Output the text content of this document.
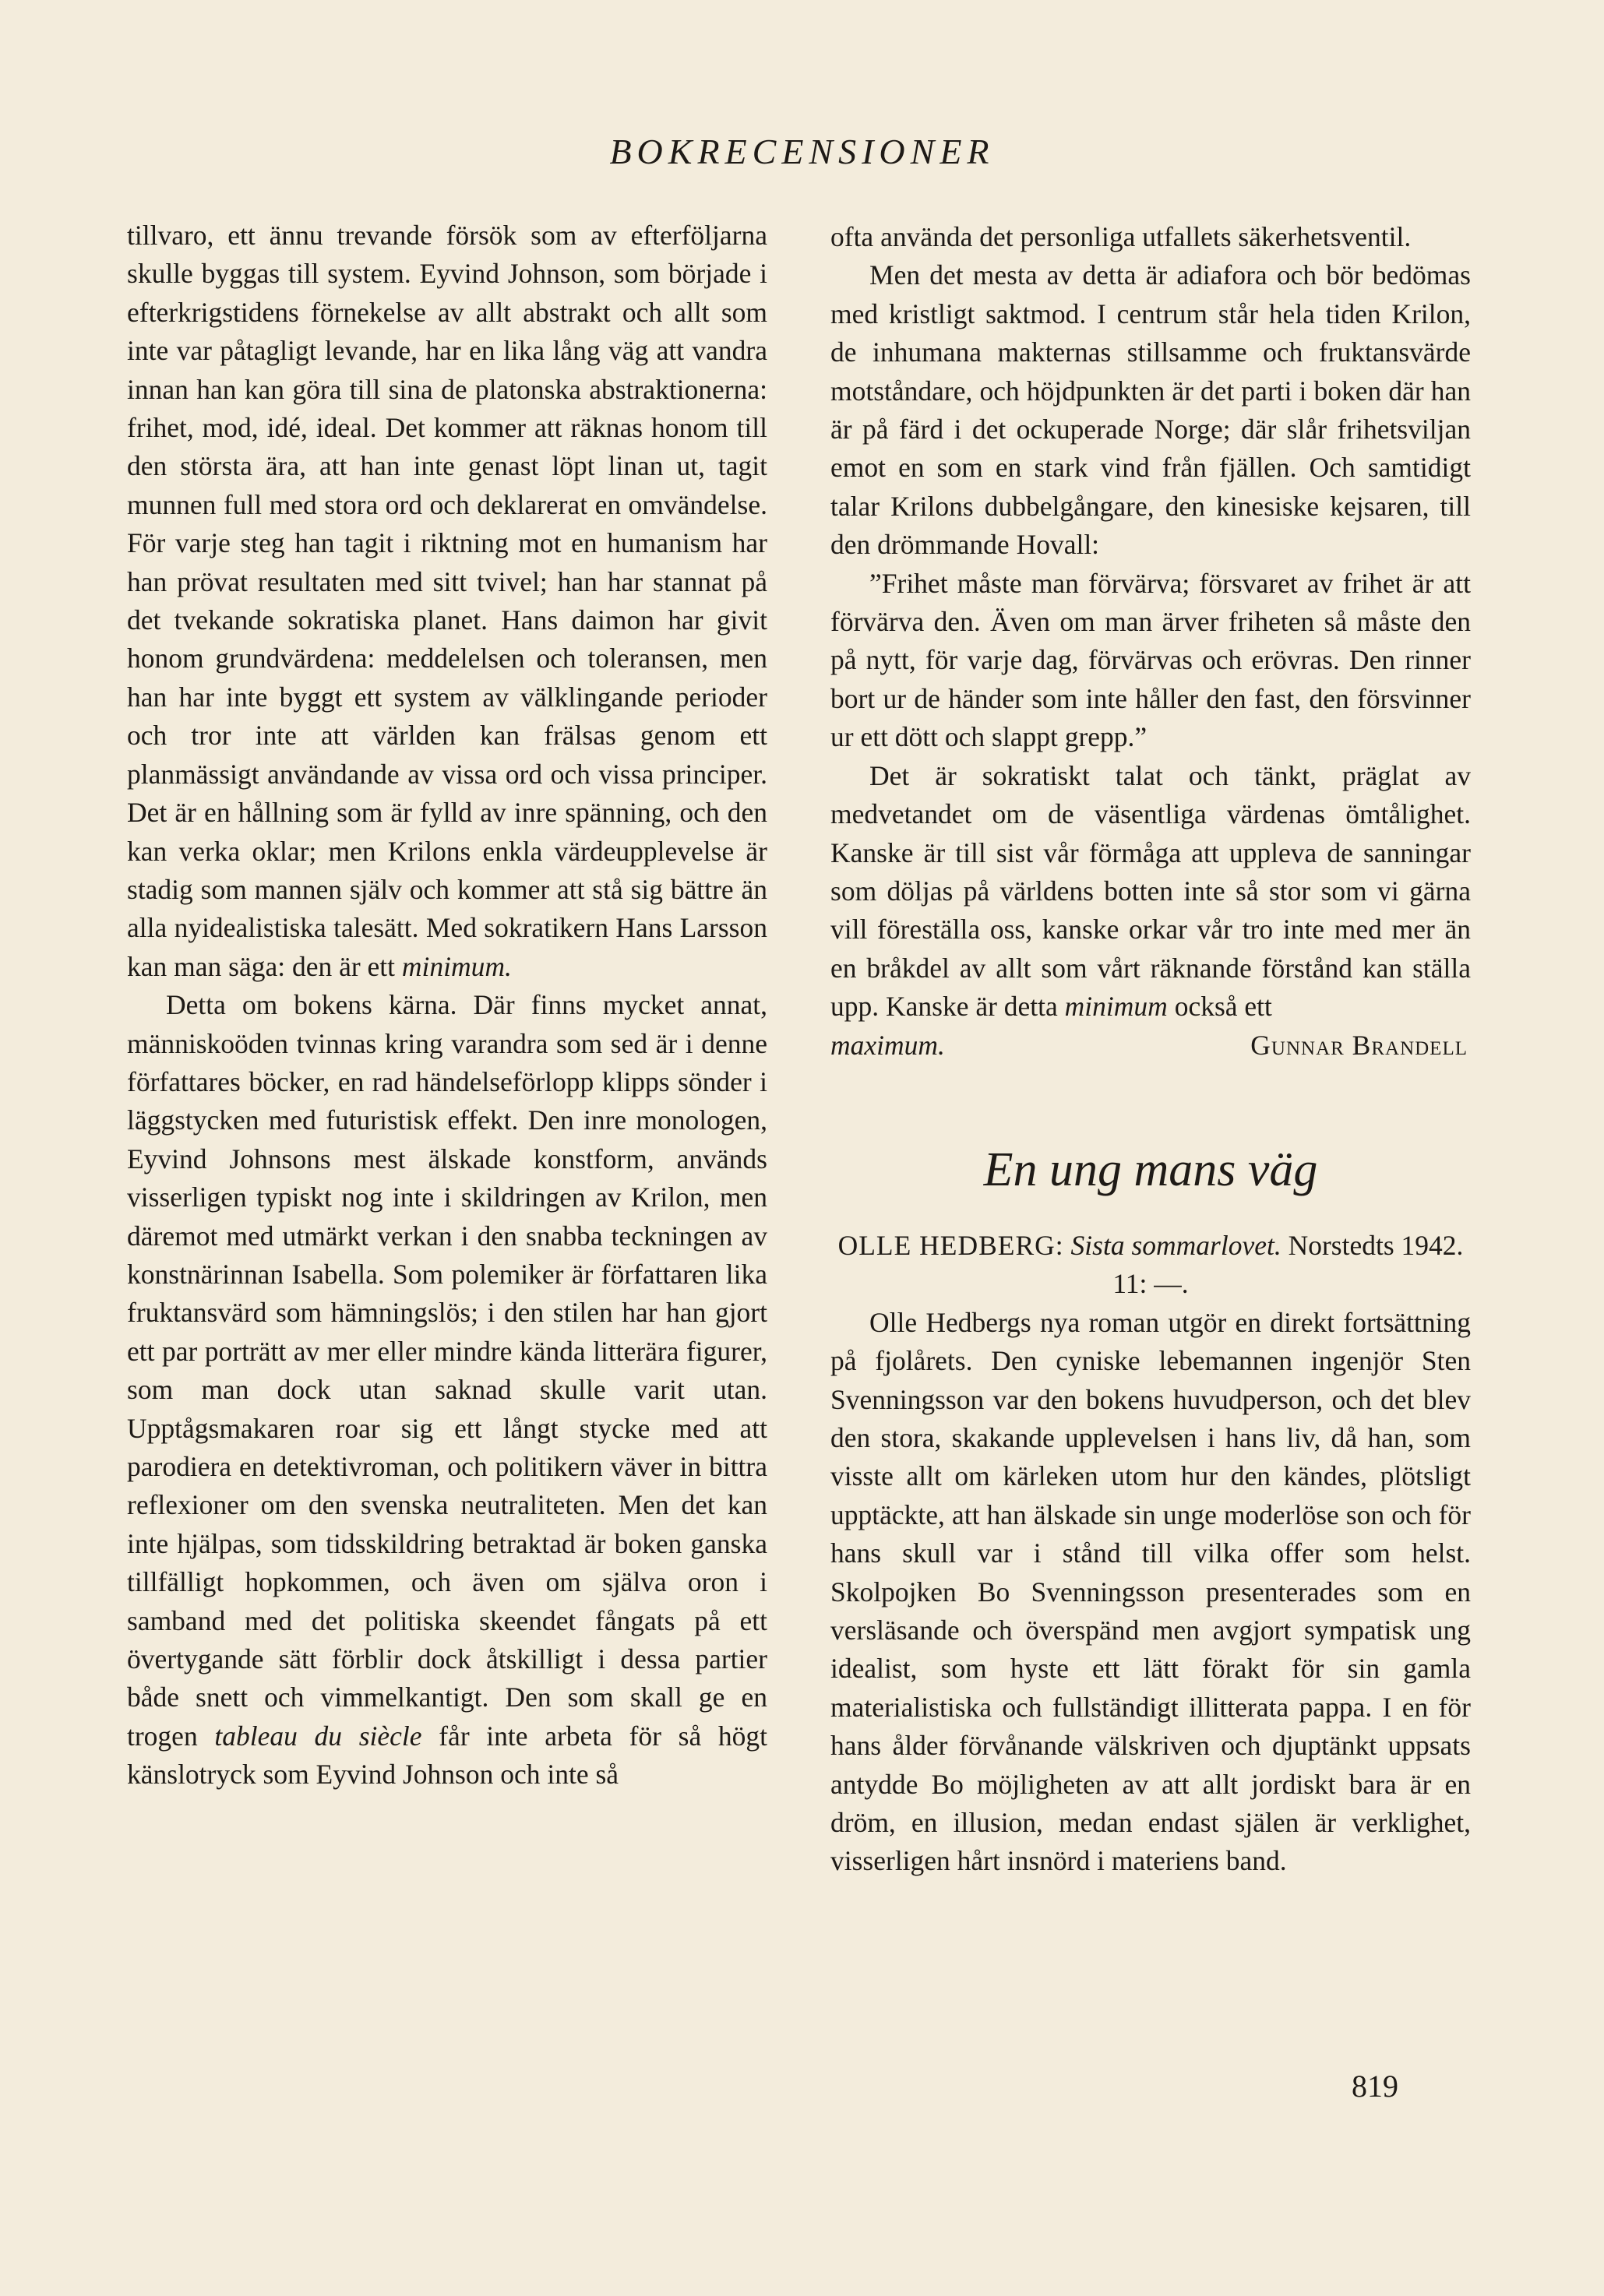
BOKRECENSIONER

tillvaro, ett ännu trevande försök som av efterföljarna skulle byggas till system. Eyvind Johnson, som började i efterkrigstidens förnekelse av allt abstrakt och allt som inte var påtagligt levande, har en lika lång väg att vandra innan han kan göra till sina de platonska abstraktionerna: frihet, mod, idé, ideal. Det kommer att räknas honom till den största ära, att han inte genast löpt linan ut, tagit munnen full med stora ord och deklarerat en omvändelse. För varje steg han tagit i riktning mot en humanism har han prövat resultaten med sitt tvivel; han har stannat på det tvekande sokratiska planet. Hans daimon har givit honom grundvärdena: meddelelsen och toleransen, men han har inte byggt ett system av välklingande perioder och tror inte att världen kan frälsas genom ett planmässigt användande av vissa ord och vissa principer. Det är en hållning som är fylld av inre spänning, och den kan verka oklar; men Krilons enkla värdeupplevelse är stadig som mannen själv och kommer att stå sig bättre än alla nyidealistiska talesätt. Med sokratikern Hans Larsson kan man säga: den är ett minimum.

Detta om bokens kärna. Där finns mycket annat, människoöden tvinnas kring varandra som sed är i denne författares böcker, en rad händelseförlopp klipps sönder i läggstycken med futuristisk effekt. Den inre monologen, Eyvind Johnsons mest älskade konstform, används visserligen typiskt nog inte i skildringen av Krilon, men däremot med utmärkt verkan i den snabba teckningen av konstnärinnan Isabella. Som polemiker är författaren lika fruktansvärd som hämningslös; i den stilen har han gjort ett par porträtt av mer eller mindre kända litterära figurer, som man dock utan saknad skulle varit utan. Upptågsmakaren roar sig ett långt stycke med att parodiera en detektivroman, och politikern väver in bittra reflexioner om den svenska neutraliteten. Men det kan inte hjälpas, som tidsskildring betraktad är boken ganska tillfälligt hopkommen, och även om själva oron i samband med det politiska skeendet fångats på ett övertygande sätt förblir dock åtskilligt i dessa partier både snett och vimmelkantigt. Den som skall ge en trogen tableau du siècle får inte arbeta för så högt känslotryck som Eyvind Johnson och inte så

ofta använda det personliga utfallets säkerhetsventil.

Men det mesta av detta är adiafora och bör bedömas med kristligt saktmod. I centrum står hela tiden Krilon, de inhumana makternas stillsamme och fruktansvärde motståndare, och höjdpunkten är det parti i boken där han är på färd i det ockuperade Norge; där slår frihetsviljan emot en som en stark vind från fjällen. Och samtidigt talar Krilons dubbelgångare, den kinesiske kejsaren, till den drömmande Hovall:

”Frihet måste man förvärva; försvaret av frihet är att förvärva den. Även om man ärver friheten så måste den på nytt, för varje dag, förvärvas och erövras. Den rinner bort ur de händer som inte håller den fast, den försvinner ur ett dött och slappt grepp.”

Det är sokratiskt talat och tänkt, präglat av medvetandet om de väsentliga värdenas ömtålighet. Kanske är till sist vår förmåga att uppleva de sanningar som döljas på världens botten inte så stor som vi gärna vill föreställa oss, kanske orkar vår tro inte med mer än en bråkdel av allt som vårt räknande förstånd kan ställa upp. Kanske är detta minimum också ett

maximum.	Gunnar Brandell

En ung mans väg

OLLE HEDBERG: Sista sommarlovet. Norstedts 1942. 11: —.

Olle Hedbergs nya roman utgör en direkt fortsättning på fjolårets. Den cyniske lebemannen ingenjör Sten Svenningsson var den bokens huvudperson, och det blev den stora, skakande upplevelsen i hans liv, då han, som visste allt om kärleken utom hur den kändes, plötsligt upptäckte, att han älskade sin unge moderlöse son och för hans skull var i stånd till vilka offer som helst. Skolpojken Bo Svenningsson presenterades som en versläsande och överspänd men avgjort sympatisk ung idealist, som hyste ett lätt förakt för sin gamla materialistiska och fullständigt illitterata pappa. I en för hans ålder förvånande välskriven och djuptänkt uppsats antydde Bo möjligheten av att allt jordiskt bara är en dröm, en illusion, medan endast själen är verklighet, visserligen hårt insnörd i materiens band.

819
